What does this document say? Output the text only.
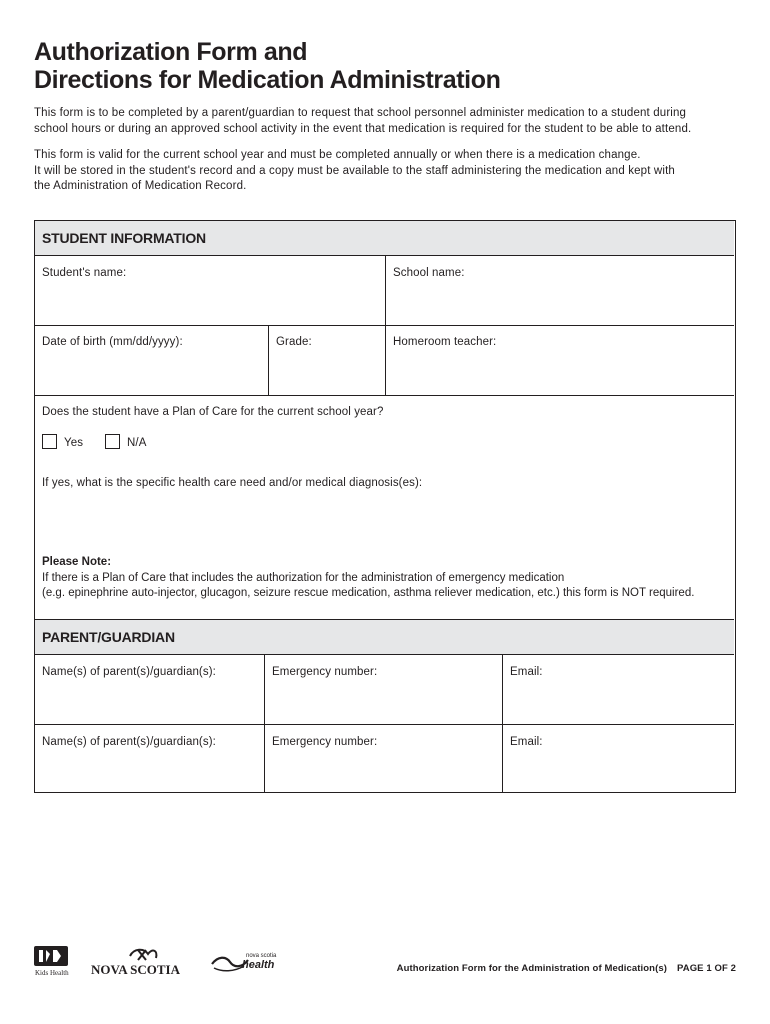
Authorization Form and
Directions for Medication Administration
This form is to be completed by a parent/guardian to request that school personnel administer medication to a student during
school hours or during an approved school activity in the event that medication is required for the student to be able to attend.
This form is valid for the current school year and must be completed annually or when there is a medication change.
It will be stored in the student's record and a copy must be available to the staff administering the medication and kept with
the Administration of Medication Record.
STUDENT INFORMATION
Student's name:	School name:
Date of birth (mm/dd/yyyy):	Grade:	Homeroom teacher:
Does the student have a Plan of Care for the current school year?
Yes	N/A
If yes, what is the specific health care need and/or medical diagnosis(es):
Please Note:
If there is a Plan of Care that includes the authorization for the administration of emergency medication
(e.g. epinephrine auto-injector, glucagon, seizure rescue medication, asthma reliever medication, etc.) this form is NOT required.
PARENT/GUARDIAN
Name(s) of parent(s)/guardian(s):	Emergency number:	Email:
Name(s) of parent(s)/guardian(s):	Emergency number:	Email:
Kids Health NOVA SCOTIA
nova scotia
health	Authorization Form for the Administration of Medication(s) PAGE 1 OF 2
